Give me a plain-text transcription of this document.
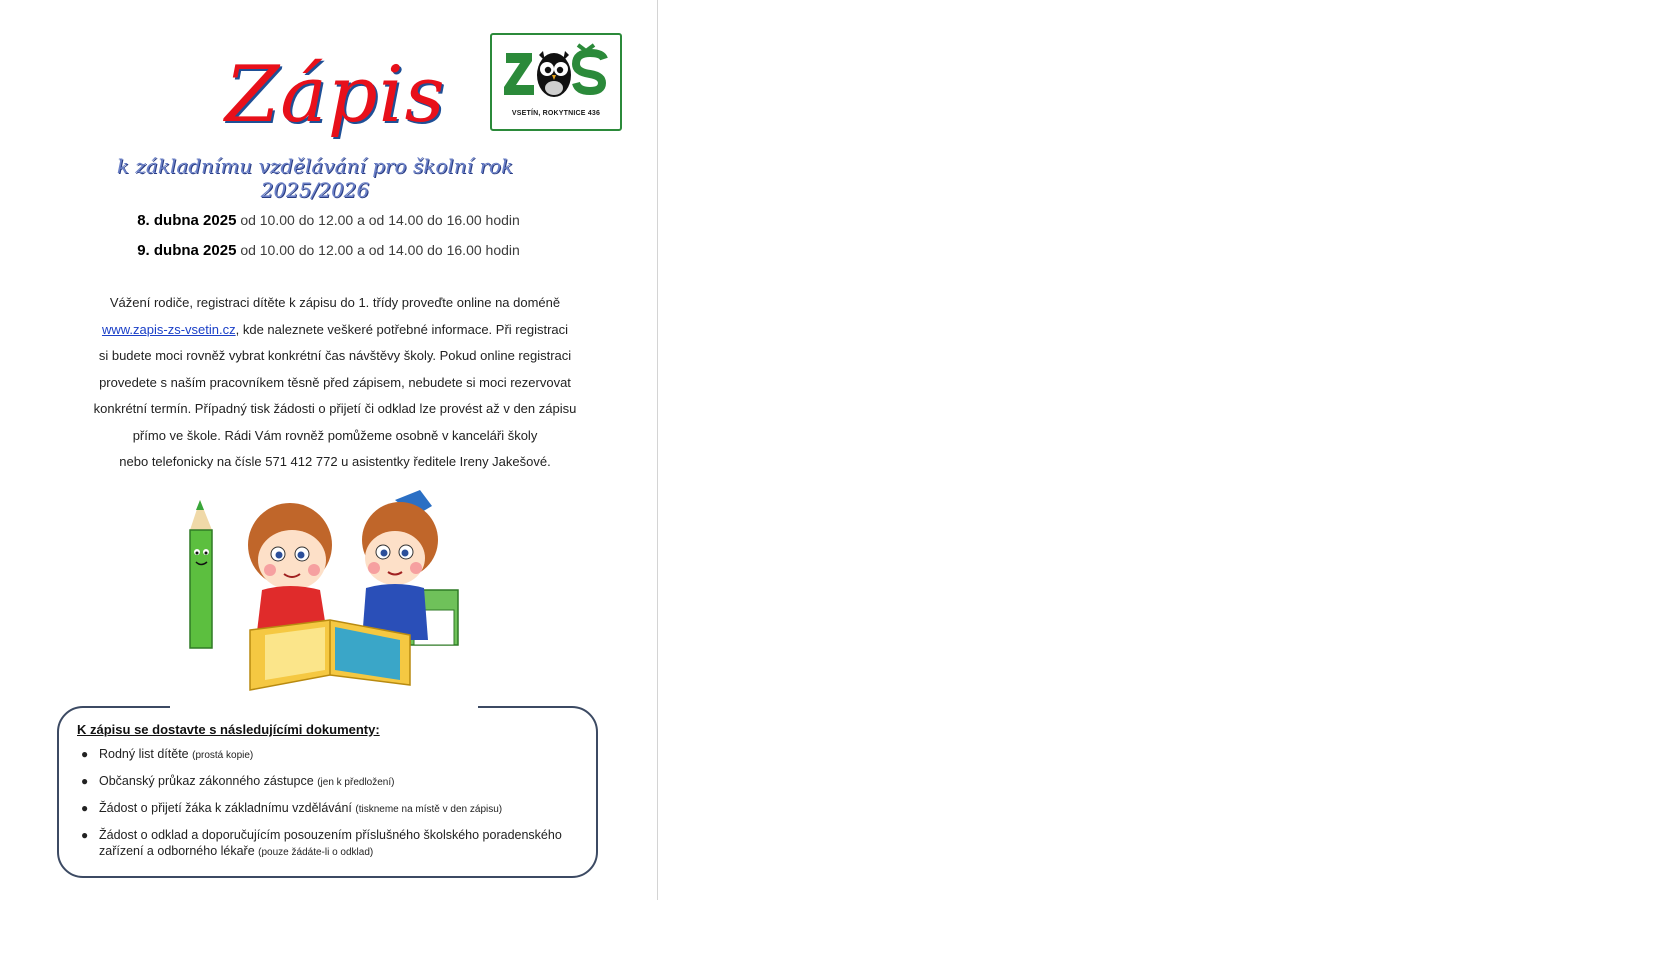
Zápis	VSETÍN, ROKYTNICE 436
k základnímu vzdělávání pro školní rok 2025/2026
8. dubna 2025 od 10.00 do 12.00 a od 14.00 do 16.00 hodin
9. dubna 2025 od 10.00 do 12.00 a od 14.00 do 16.00 hodin
Vážení rodiče, registraci dítěte k zápisu do 1. třídy proveďte online na doméně
www.zapis-zs-vsetin.cz, kde naleznete veškeré potřebné informace. Při registraci
si budete moci rovněž vybrat konkrétní čas návštěvy školy. Pokud online registraci
provedete s naším pracovníkem těsně před zápisem, nebudete si moci rezervovat
konkrétní termín. Případný tisk žádosti o přijetí či odklad lze provést až v den zápisu
přímo ve škole. Rádi Vám rovněž pomůžeme osobně v kanceláři školy
nebo telefonicky na čísle 571 412 772 u asistentky ředitele Ireny Jakešové.
K zápisu se dostavte s následujícími dokumenty:
● Rodný list dítěte (prostá kopie)
● Občanský průkaz zákonného zástupce (jen k předložení)
● Žádost o přijetí žáka k základnímu vzdělávání (tiskneme na místě v den zápisu)
● Žádost o odklad a doporučujícím posouzením příslušného školského poradenského zařízení a odborného lékaře (pouze žádáte-li o odklad)
